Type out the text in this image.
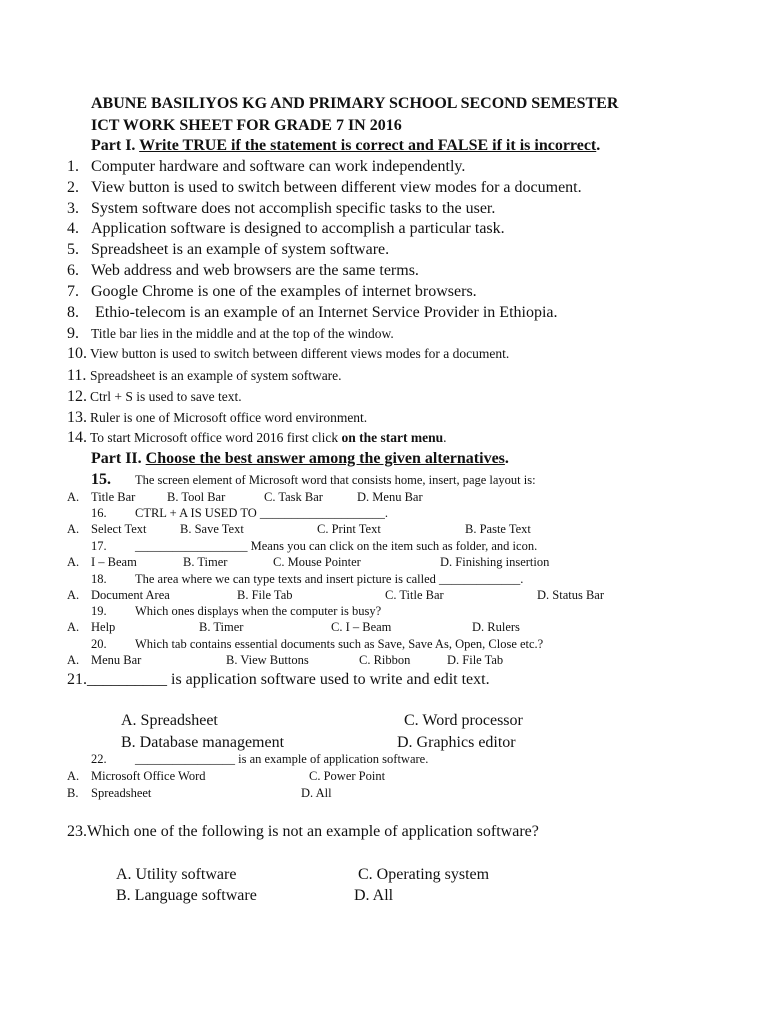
ABUNE BASILIYOS KG AND PRIMARY SCHOOL SECOND SEMESTER
ICT WORK SHEET FOR GRADE 7 IN 2016
Part I. Write TRUE if the statement is correct and FALSE if it is incorrect.
1. Computer hardware and software can work independently.
2. View button is used to switch between different view modes for a document.
3. System software does not accomplish specific tasks to the user.
4. Application software is designed to accomplish a particular task.
5. Spreadsheet is an example of system software.
6. Web address and web browsers are the same terms.
7. Google Chrome is one of the examples of internet browsers.
8. Ethio-telecom is an example of an Internet Service Provider in Ethiopia.
9. Title bar lies in the middle and at the top of the window.
10. View button is used to switch between different views modes for a document.
11. Spreadsheet is an example of system software.
12. Ctrl + S is used to save text.
13. Ruler is one of Microsoft office word environment.
14. To start Microsoft office word 2016 first click on the start menu.
Part II. Choose the best answer among the given alternatives.
15. The screen element of Microsoft word that consists home, insert, page layout is:
A. Title Bar	B. Tool Bar	C. Task Bar	D. Menu Bar
16. CTRL + A IS USED TO ____________________.
A. Select Text	B. Save Text	C. Print Text	B. Paste Text
17. __________________ Means you can click on the item such as folder, and icon.
A. I – Beam	B. Timer	C. Mouse Pointer	D. Finishing insertion
18. The area where we can type texts and insert picture is called _____________.
A. Document Area	B. File Tab	C. Title Bar	D. Status Bar
19. Which ones displays when the computer is busy?
A. Help	B. Timer	C. I – Beam	D. Rulers
20. Which tab contains essential documents such as Save, Save As, Open, Close etc.?
A. Menu Bar	B. View Buttons	C. Ribbon	D. File Tab
21.__________ is application software used to write and edit text.
A. Spreadsheet	C. Word processor
B. Database management	D. Graphics editor
22. ________________ is an example of application software.
A. Microsoft Office Word	C. Power Point
B. Spreadsheet	D. All
23.Which one of the following is not an example of application software?
A. Utility software	C. Operating system
B. Language software	D. All
